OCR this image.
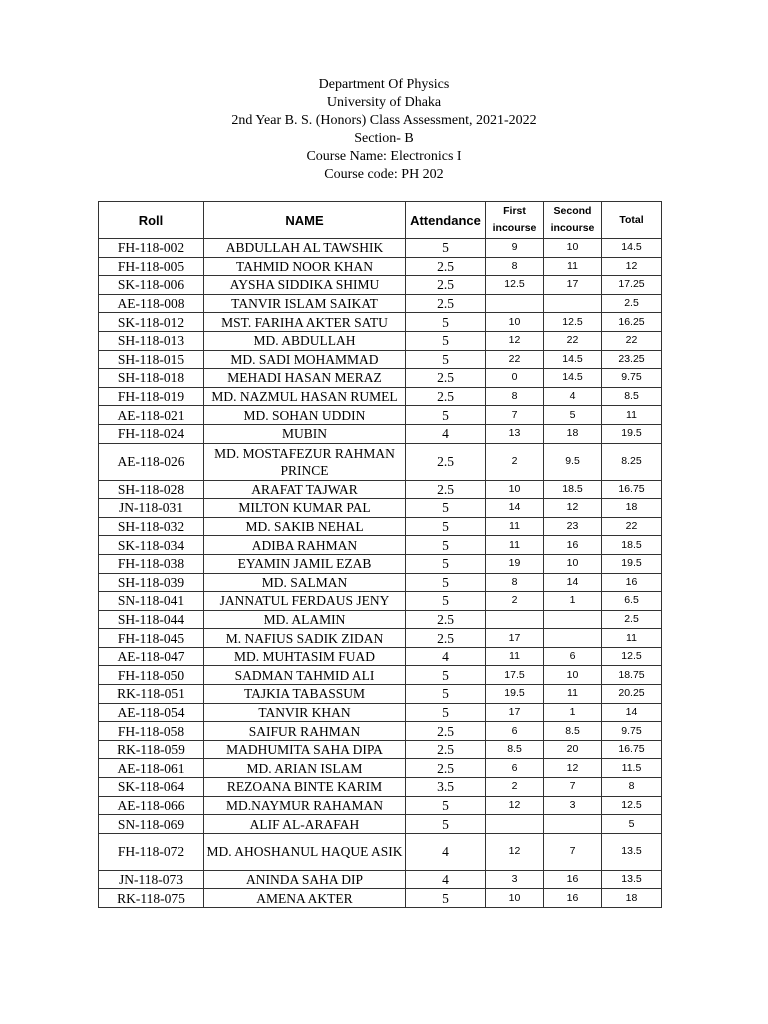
Department Of Physics
University of Dhaka
2nd Year B. S. (Honors) Class Assessment, 2021-2022
Section- B
Course Name: Electronics I
Course code: PH 202
Roll	NAME	Attendance	First incourse	Second incourse	Total
FH-118-002	ABDULLAH AL TAWSHIK	5	9	10	14.5
FH-118-005	TAHMID NOOR KHAN	2.5	8	11	12
SK-118-006	AYSHA SIDDIKA SHIMU	2.5	12.5	17	17.25
AE-118-008	TANVIR ISLAM SAIKAT	2.5			2.5
SK-118-012	MST. FARIHA AKTER SATU	5	10	12.5	16.25
SH-118-013	MD. ABDULLAH	5	12	22	22
SH-118-015	MD. SADI MOHAMMAD	5	22	14.5	23.25
SH-118-018	MEHADI HASAN MERAZ	2.5	0	14.5	9.75
FH-118-019	MD. NAZMUL HASAN RUMEL	2.5	8	4	8.5
AE-118-021	MD. SOHAN UDDIN	5	7	5	11
FH-118-024	MUBIN	4	13	18	19.5
AE-118-026	MD. MOSTAFEZUR RAHMAN PRINCE	2.5	2	9.5	8.25
SH-118-028	ARAFAT TAJWAR	2.5	10	18.5	16.75
JN-118-031	MILTON KUMAR PAL	5	14	12	18
SH-118-032	MD. SAKIB NEHAL	5	11	23	22
SK-118-034	ADIBA RAHMAN	5	11	16	18.5
FH-118-038	EYAMIN JAMIL EZAB	5	19	10	19.5
SH-118-039	MD. SALMAN	5	8	14	16
SN-118-041	JANNATUL FERDAUS JENY	5	2	1	6.5
SH-118-044	MD. ALAMIN	2.5			2.5
FH-118-045	M. NAFIUS SADIK ZIDAN	2.5	17		11
AE-118-047	MD. MUHTASIM FUAD	4	11	6	12.5
FH-118-050	SADMAN TAHMID ALI	5	17.5	10	18.75
RK-118-051	TAJKIA TABASSUM	5	19.5	11	20.25
AE-118-054	TANVIR KHAN	5	17	1	14
FH-118-058	SAIFUR RAHMAN	2.5	6	8.5	9.75
RK-118-059	MADHUMITA SAHA DIPA	2.5	8.5	20	16.75
AE-118-061	MD. ARIAN ISLAM	2.5	6	12	11.5
SK-118-064	REZOANA BINTE KARIM	3.5	2	7	8
AE-118-066	MD.NAYMUR RAHAMAN	5	12	3	12.5
SN-118-069	ALIF AL-ARAFAH	5			5
FH-118-072	MD. AHOSHANUL HAQUE ASIK	4	12	7	13.5
JN-118-073	ANINDA SAHA DIP	4	3	16	13.5
RK-118-075	AMENA AKTER	5	10	16	18
